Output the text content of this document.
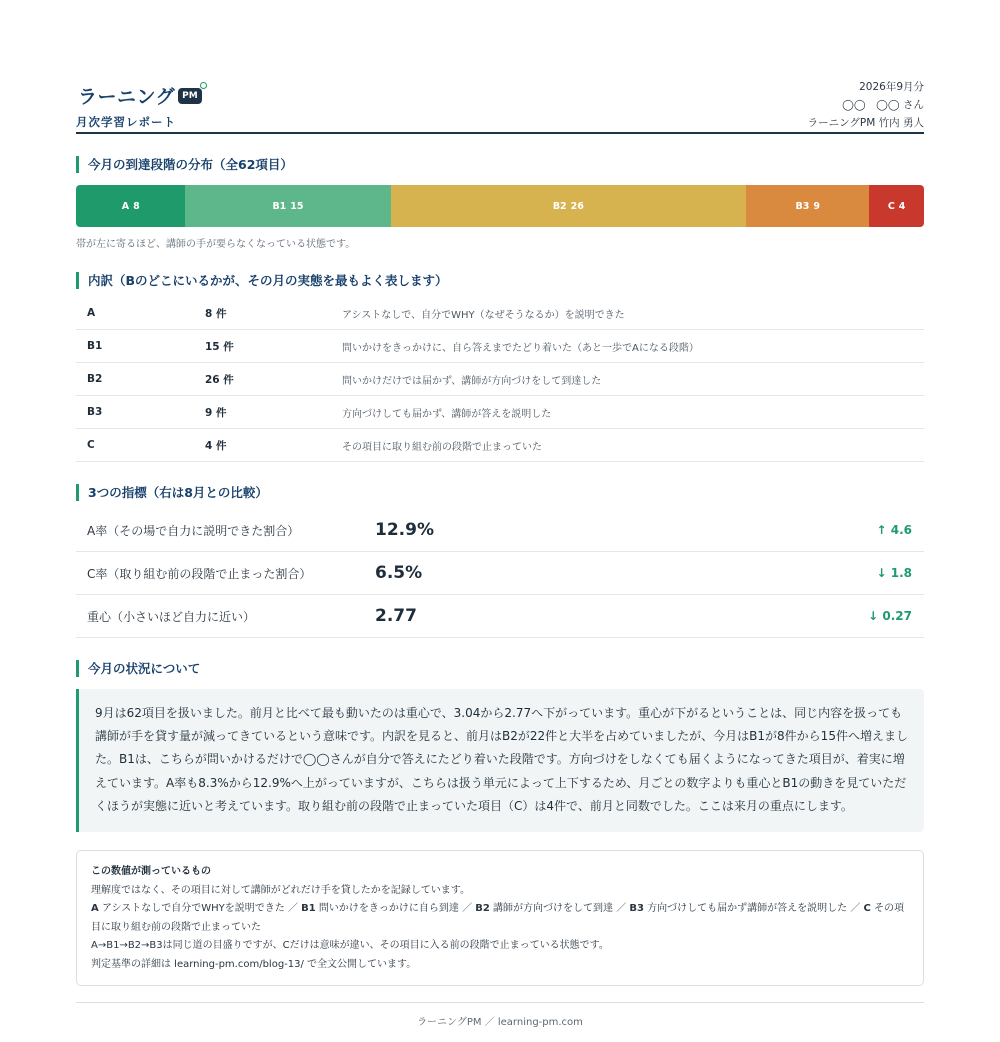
ラーニング PM
月次学習レポート
2026年9月分
◯◯　◯◯ さん
ラーニングPM 竹内 勇人
今月の到達段階の分布（全62項目）
A 8	B1 15	B2 26	B3 9	C 4
帯が左に寄るほど、講師の手が要らなくなっている状態です。
内訳（Bのどこにいるかが、その月の実態を最もよく表します）
A	8 件	アシストなしで、自分でWHY（なぜそうなるか）を説明できた
B1	15 件	問いかけをきっかけに、自ら答えまでたどり着いた（あと一歩でAになる段階）
B2	26 件	問いかけだけでは届かず、講師が方向づけをして到達した
B3	9 件	方向づけしても届かず、講師が答えを説明した
C	4 件	その項目に取り組む前の段階で止まっていた
3つの指標（右は8月との比較）
A率（その場で自力に説明できた割合）	12.9%	↑ 4.6
C率（取り組む前の段階で止まった割合）	6.5%	↓ 1.8
重心（小さいほど自力に近い）	2.77	↓ 0.27
今月の状況について
9月は62項目を扱いました。前月と比べて最も動いたのは重心で、3.04から2.77へ下がっています。重心が下がるということは、同じ内容を扱っても講師が手を貸す量が減ってきているという意味です。内訳を見ると、前月はB2が22件と大半を占めていましたが、今月はB1が8件から15件へ増えました。B1は、こちらが問いかけるだけで◯◯さんが自分で答えにたどり着いた段階です。方向づけをしなくても届くようになってきた項目が、着実に増えています。A率も8.3%から12.9%へ上がっていますが、こちらは扱う単元によって上下するため、月ごとの数字よりも重心とB1の動きを見ていただくほうが実態に近いと考えています。取り組む前の段階で止まっていた項目（C）は4件で、前月と同数でした。ここは来月の重点にします。
この数値が測っているもの
理解度ではなく、その項目に対して講師がどれだけ手を貸したかを記録しています。
A アシストなしで自分でWHYを説明できた ／ B1 問いかけをきっかけに自ら到達 ／ B2 講師が方向づけをして到達 ／ B3 方向づけしても届かず講師が答えを説明した ／ C その項目に取り組む前の段階で止まっていた
A→B1→B2→B3は同じ道の目盛りですが、Cだけは意味が違い、その項目に入る前の段階で止まっている状態です。
判定基準の詳細は learning-pm.com/blog-13/ で全文公開しています。
ラーニングPM ／ learning-pm.com
